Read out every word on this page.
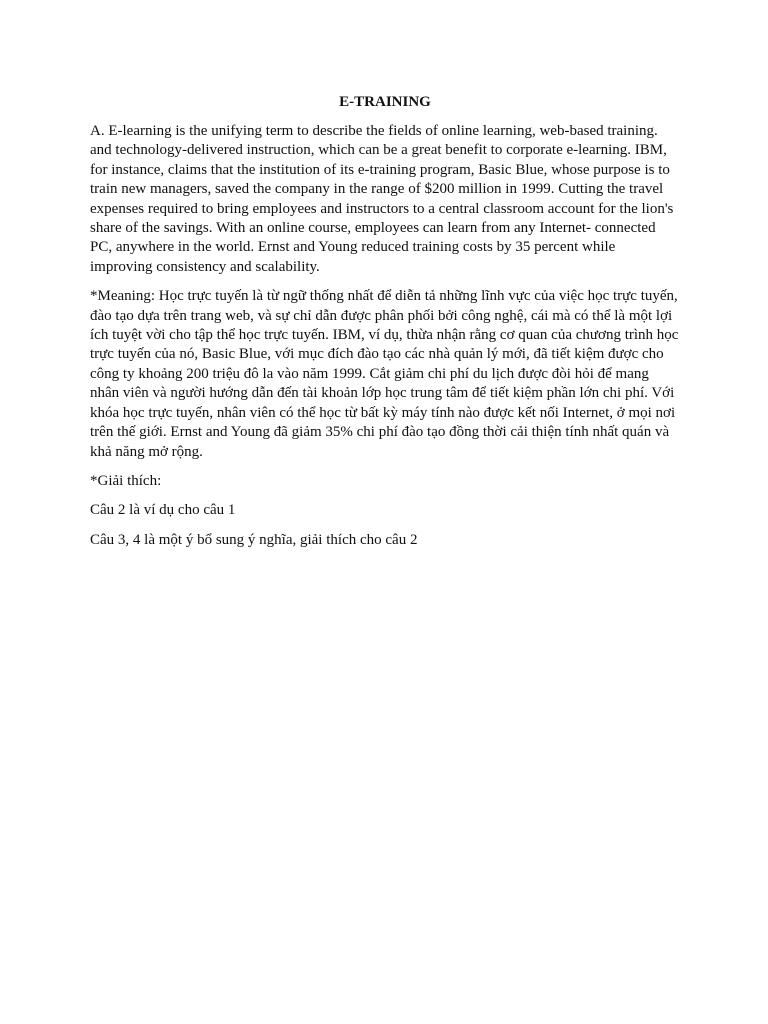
E-TRAINING

A. E-learning is the unifying term to describe the fields of online learning, web-based training. and technology-delivered instruction, which can be a great benefit to corporate e-learning. IBM, for instance, claims that the institution of its e-training program, Basic Blue, whose purpose is to train new managers, saved the company in the range of $200 million in 1999. Cutting the travel expenses required to bring employees and instructors to a central classroom account for the lion's share of the savings. With an online course, employees can learn from any Internet- connected PC, anywhere in the world. Ernst and Young reduced training costs by 35 percent while improving consistency and scalability.

*Meaning: Học trực tuyến là từ ngữ thống nhất để diễn tả những lĩnh vực của việc học trực tuyến, đào tạo dựa trên trang web, và sự chỉ dẫn được phân phối bởi công nghệ, cái mà có thể là một lợi ích tuyệt vời cho tập thể học trực tuyến. IBM, ví dụ, thừa nhận rằng cơ quan của chương trình học trực tuyến của nó, Basic Blue, với mục đích đào tạo các nhà quản lý mới, đã tiết kiệm được cho công ty khoảng 200 triệu đô la vào năm 1999. Cắt giảm chi phí du lịch được đòi hỏi để mang nhân viên và người hướng dẫn đến tài khoản lớp học trung tâm để tiết kiệm phần lớn chi phí. Với khóa học trực tuyến, nhân viên có thể học từ bất kỳ máy tính nào được kết nối Internet, ở mọi nơi trên thế giới. Ernst and Young đã giảm 35% chi phí đào tạo đồng thời cải thiện tính nhất quán và khả năng mở rộng.

*Giải thích:

Câu 2 là ví dụ cho câu 1

Câu 3, 4 là một ý bổ sung ý nghĩa, giải thích cho câu 2
